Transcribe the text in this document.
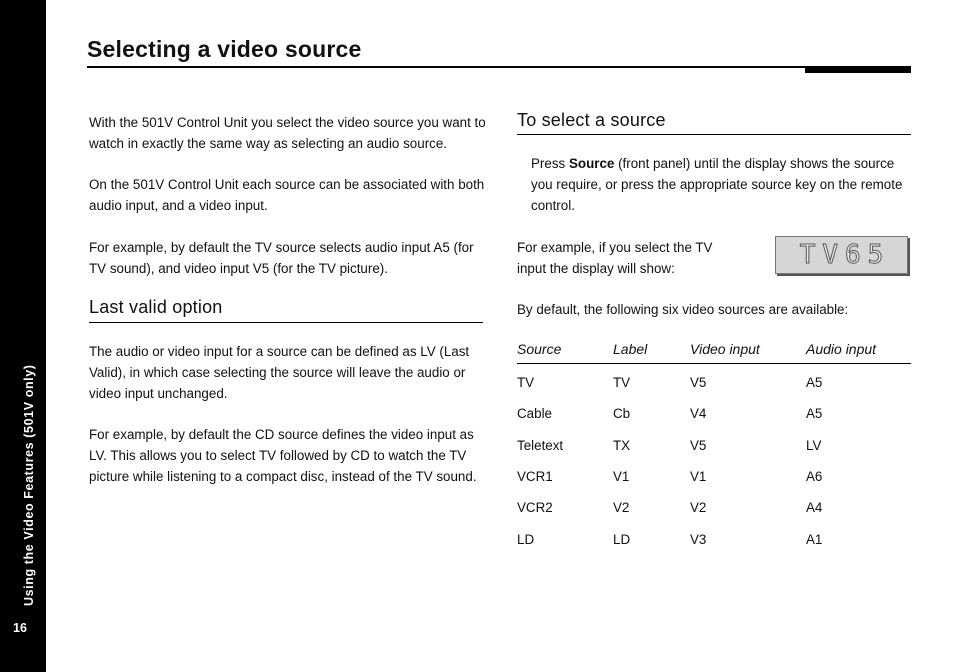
Using the Video Features (501V only)
16
Selecting a video source

With the 501V Control Unit you select the video source you want to watch in exactly the same way as selecting an audio source.

On the 501V Control Unit each source can be associated with both audio input, and a video input.

For example, by default the TV source selects audio input A5 (for TV sound), and video input V5 (for the TV picture).

Last valid option

The audio or video input for a source can be defined as LV (Last Valid), in which case selecting the source will leave the audio or video input unchanged.

For example, by default the CD source defines the video input as LV. This allows you to select TV followed by CD to watch the TV picture while listening to a compact disc, instead of the TV sound.

To select a source

Press Source (front panel) until the display shows the source you require, or press the appropriate source key on the remote control.

For example, if you select the TV input the display will show:	TV65

By default, the following six video sources are available:

Source	Label	Video input	Audio input
TV	TV	V5	A5
Cable	Cb	V4	A5
Teletext	TX	V5	LV
VCR1	V1	V1	A6
VCR2	V2	V2	A4
LD	LD	V3	A1
